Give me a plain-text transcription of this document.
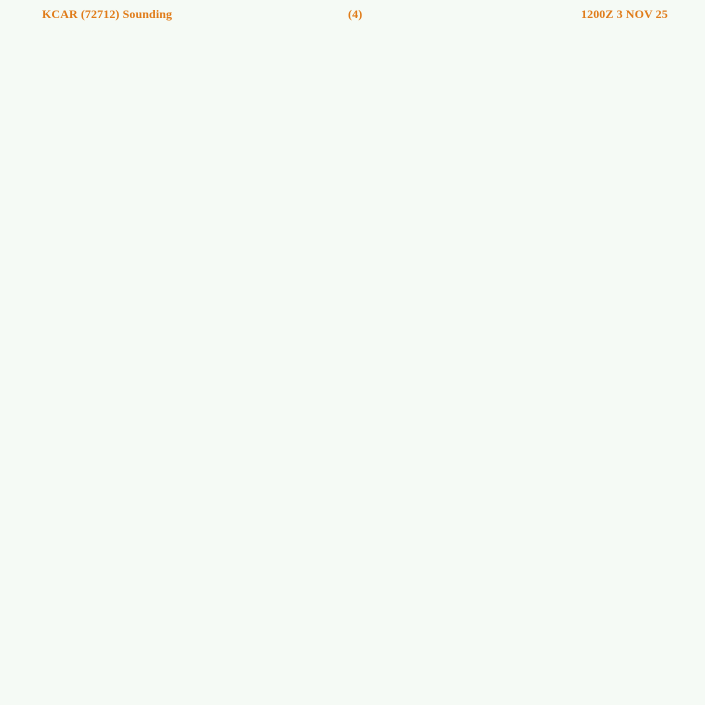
KCAR (72712) Sounding	(4)	1200Z 3 NOV 25
